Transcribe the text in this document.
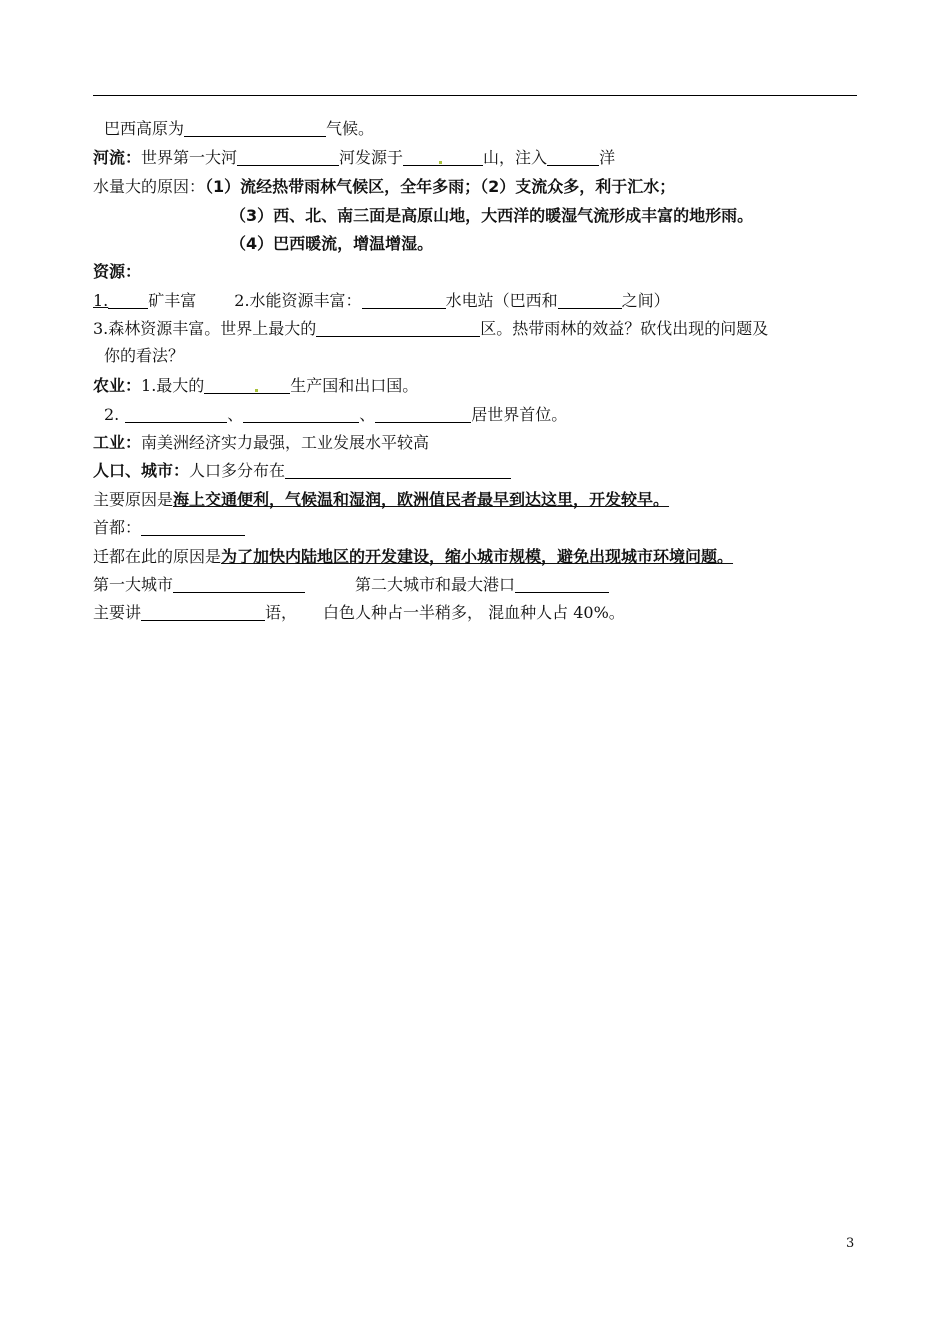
巴西高原为	气候。
河流：世界第一大河	河发源于	山，注入	洋
水量大的原因：（1）流经热带雨林气候区，全年多雨；（2）支流众多，利于汇水；
（3）西、北、南三面是高原山地，大西洋的暖湿气流形成丰富的地形雨。
（4）巴西暖流，增温增湿。
资源：
1.	矿丰富 2.水能资源丰富：	水电站（巴西和	之间）
3.森林资源丰富。世界上最大的	区。热带雨林的效益？砍伐出现的问题及
你的看法？
农业：1.最大的	生产国和出口国。
2.	、	、	居世界首位。
工业：南美洲经济实力最强，工业发展水平较高
人口、城市：人口多分布在
主要原因是海上交通便利，气候温和湿润，欧洲值民者最早到达这里，开发较早。
首都：
迁都在此的原因是为了加快内陆地区的开发建设，缩小城市规模，避免出现城市环境问题。
第一大城市	第二大城市和最大港口
主要讲	语， 白色人种占一半稍多， 混血种人占 40%。
3
